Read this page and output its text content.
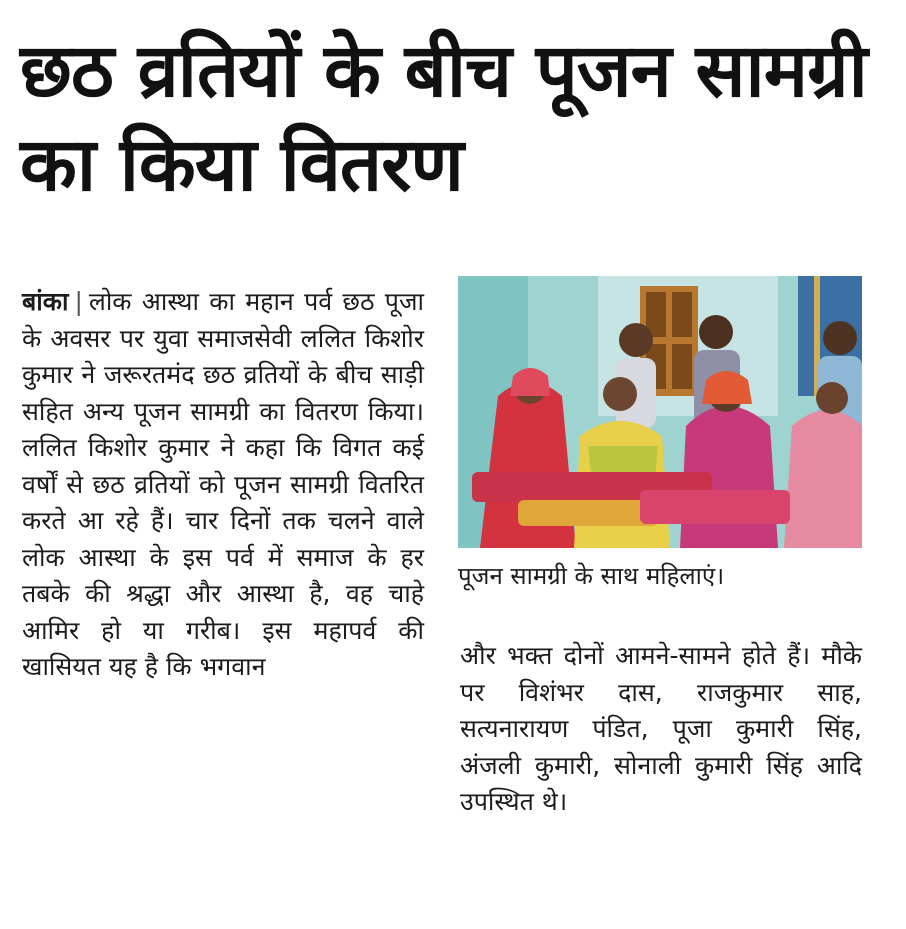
छठ व्रतियों के बीच पूजन सामग्री का किया वितरण
बांका | लोक आस्था का महान पर्व छठ पूजा के अवसर पर युवा समाजसेवी ललित किशोर कुमार ने जरूरतमंद छठ व्रतियों के बीच साड़ी सहित अन्य पूजन सामग्री का वितरण किया। ललित किशोर कुमार ने कहा कि विगत कई वर्षों से छठ व्रतियों को पूजन सामग्री वितरित करते आ रहे हैं। चार दिनों तक चलने वाले लोक आस्था के इस पर्व में समाज के हर तबके की श्रद्धा और आस्था है, वह चाहे आमिर हो या गरीब। इस महापर्व की खासियत यह है कि भगवान
पूजन सामग्री के साथ महिलाएं।
और भक्त दोनों आमने-सामने होते हैं। मौके पर विशंभर दास, राजकुमार साह, सत्यनारायण पंडित, पूजा कुमारी सिंह, अंजली कुमारी, सोनाली कुमारी सिंह आदि उपस्थित थे।
